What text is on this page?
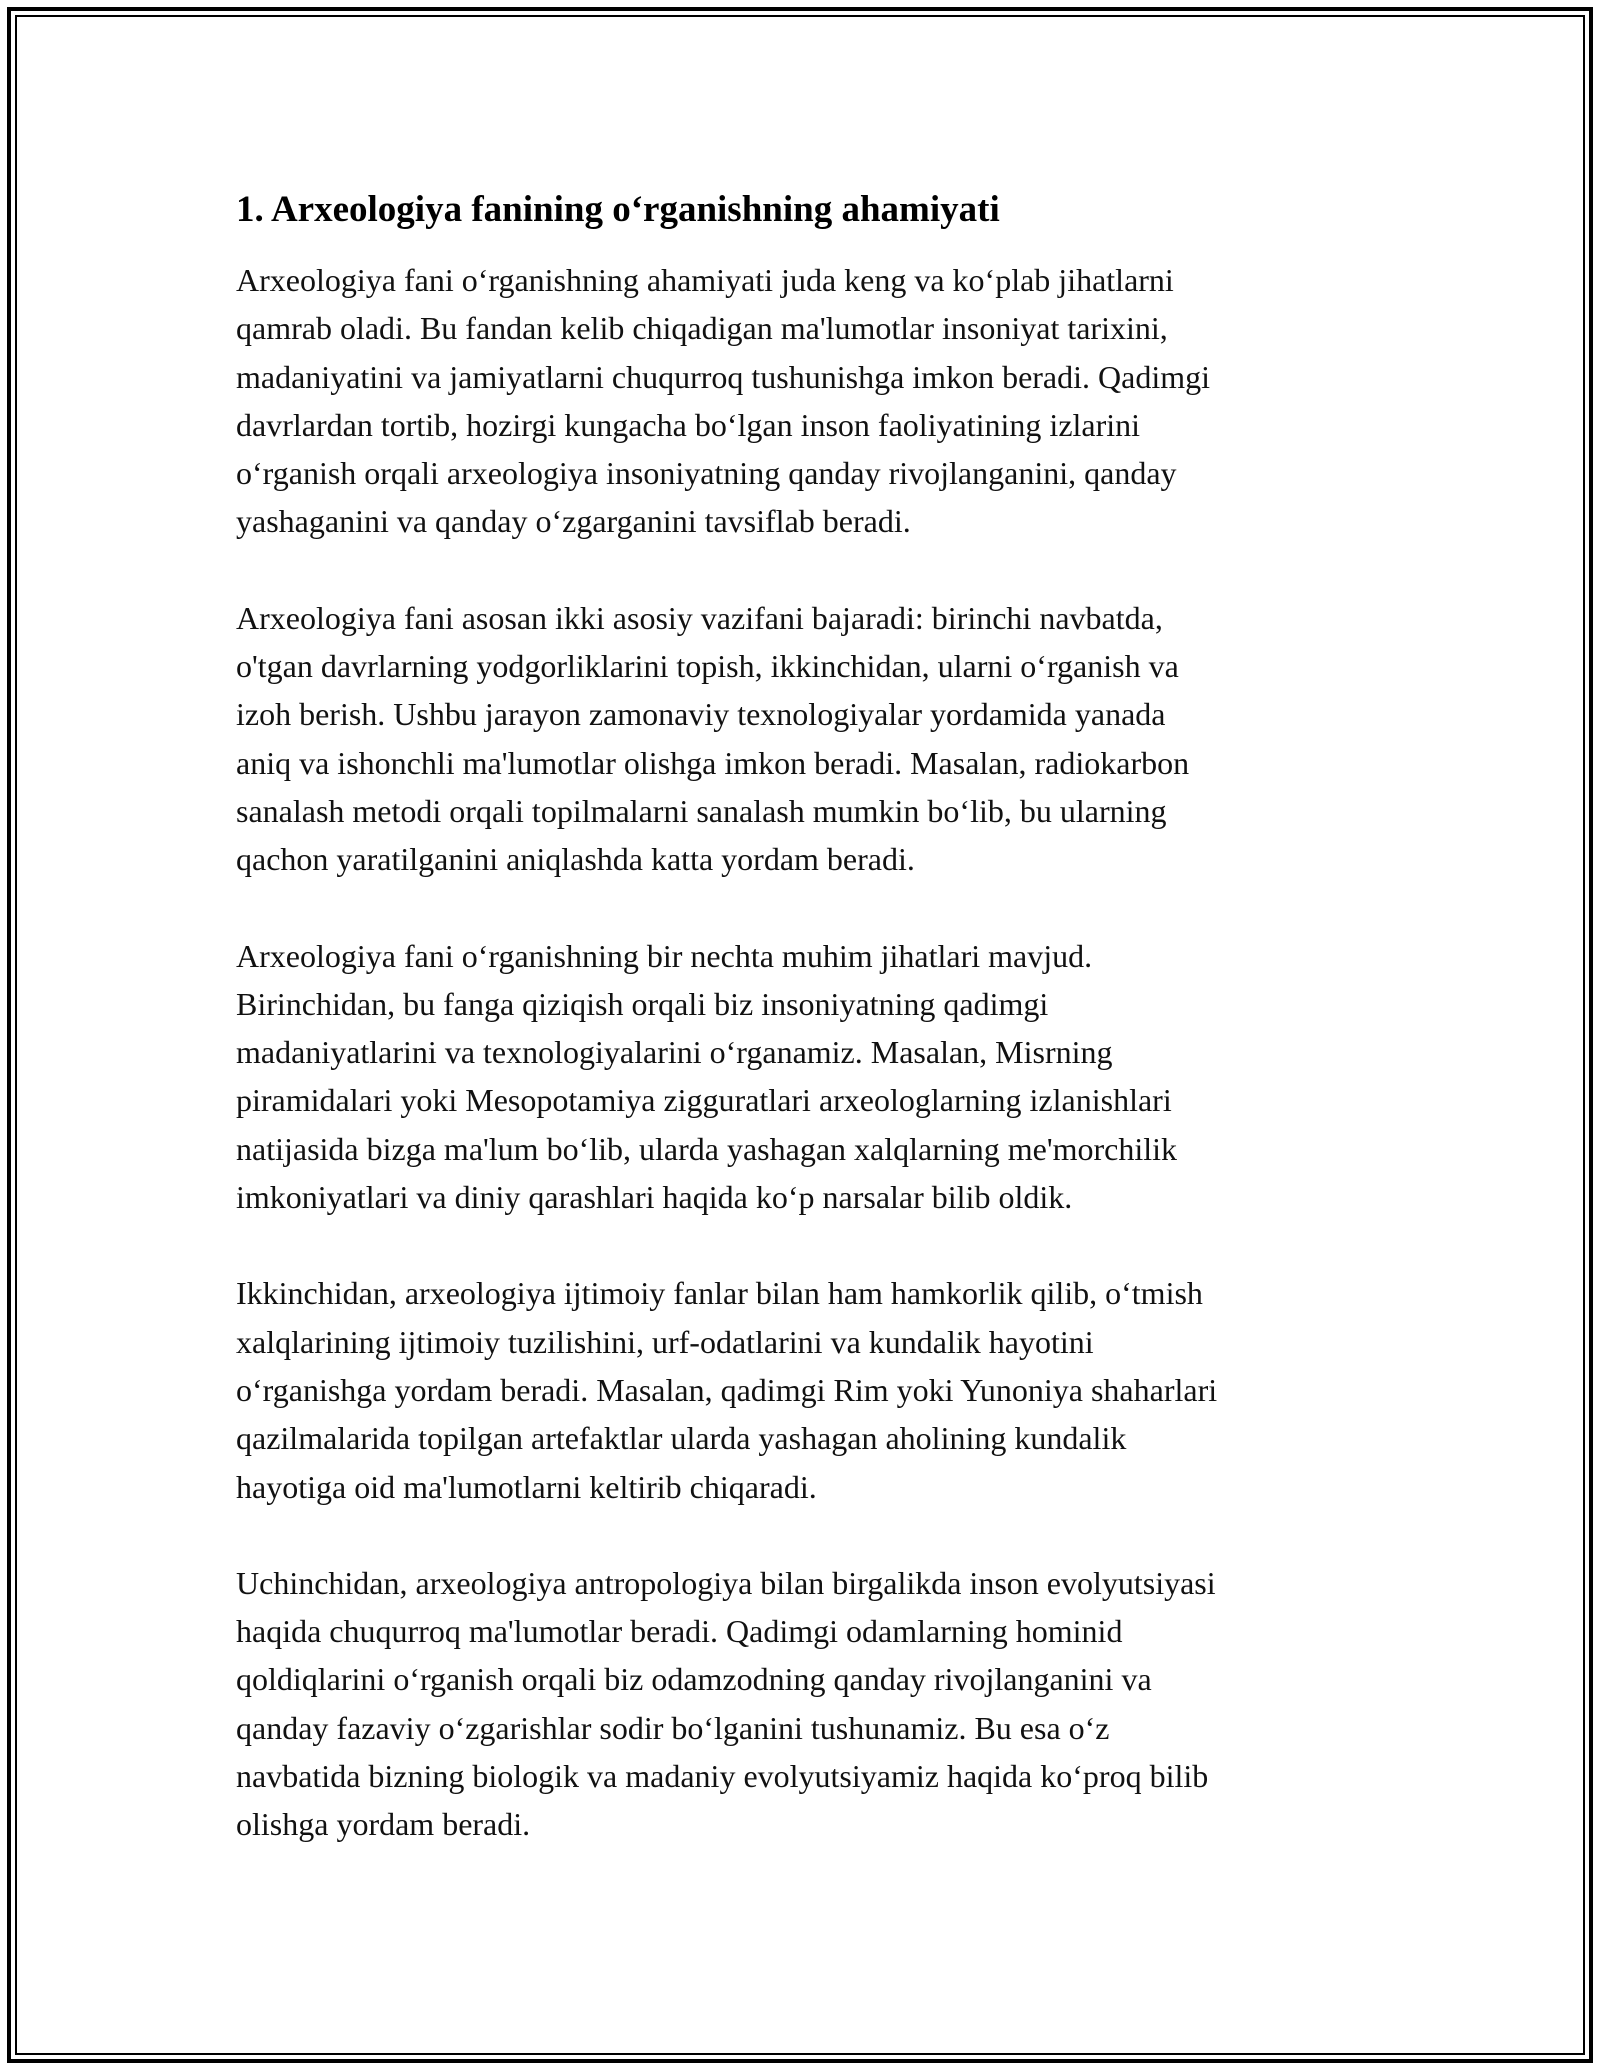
1. Arxeologiya fanining o‘rganishning ahamiyati

Arxeologiya fani o‘rganishning ahamiyati juda keng va ko‘plab jihatlarni
qamrab oladi. Bu fandan kelib chiqadigan ma'lumotlar insoniyat tarixini,
madaniyatini va jamiyatlarni chuqurroq tushunishga imkon beradi. Qadimgi
davrlardan tortib, hozirgi kungacha bo‘lgan inson faoliyatining izlarini
o‘rganish orqali arxeologiya insoniyatning qanday rivojlanganini, qanday
yashaganini va qanday o‘zgarganini tavsiflab beradi.

Arxeologiya fani asosan ikki asosiy vazifani bajaradi: birinchi navbatda,
o'tgan davrlarning yodgorliklarini topish, ikkinchidan, ularni o‘rganish va
izoh berish. Ushbu jarayon zamonaviy texnologiyalar yordamida yanada
aniq va ishonchli ma'lumotlar olishga imkon beradi. Masalan, radiokarbon
sanalash metodi orqali topilmalarni sanalash mumkin bo‘lib, bu ularning
qachon yaratilganini aniqlashda katta yordam beradi.

Arxeologiya fani o‘rganishning bir nechta muhim jihatlari mavjud.
Birinchidan, bu fanga qiziqish orqali biz insoniyatning qadimgi
madaniyatlarini va texnologiyalarini o‘rganamiz. Masalan, Misrning
piramidalari yoki Mesopotamiya zigguratlari arxeologlarning izlanishlari
natijasida bizga ma'lum bo‘lib, ularda yashagan xalqlarning me'morchilik
imkoniyatlari va diniy qarashlari haqida ko‘p narsalar bilib oldik.

Ikkinchidan, arxeologiya ijtimoiy fanlar bilan ham hamkorlik qilib, o‘tmish
xalqlarining ijtimoiy tuzilishini, urf-odatlarini va kundalik hayotini
o‘rganishga yordam beradi. Masalan, qadimgi Rim yoki Yunoniya shaharlari
qazilmalarida topilgan artefaktlar ularda yashagan aholining kundalik
hayotiga oid ma'lumotlarni keltirib chiqaradi.

Uchinchidan, arxeologiya antropologiya bilan birgalikda inson evolyutsiyasi
haqida chuqurroq ma'lumotlar beradi. Qadimgi odamlarning hominid
qoldiqlarini o‘rganish orqali biz odamzodning qanday rivojlanganini va
qanday fazaviy o‘zgarishlar sodir bo‘lganini tushunamiz. Bu esa o‘z
navbatida bizning biologik va madaniy evolyutsiyamiz haqida ko‘proq bilib
olishga yordam beradi.
